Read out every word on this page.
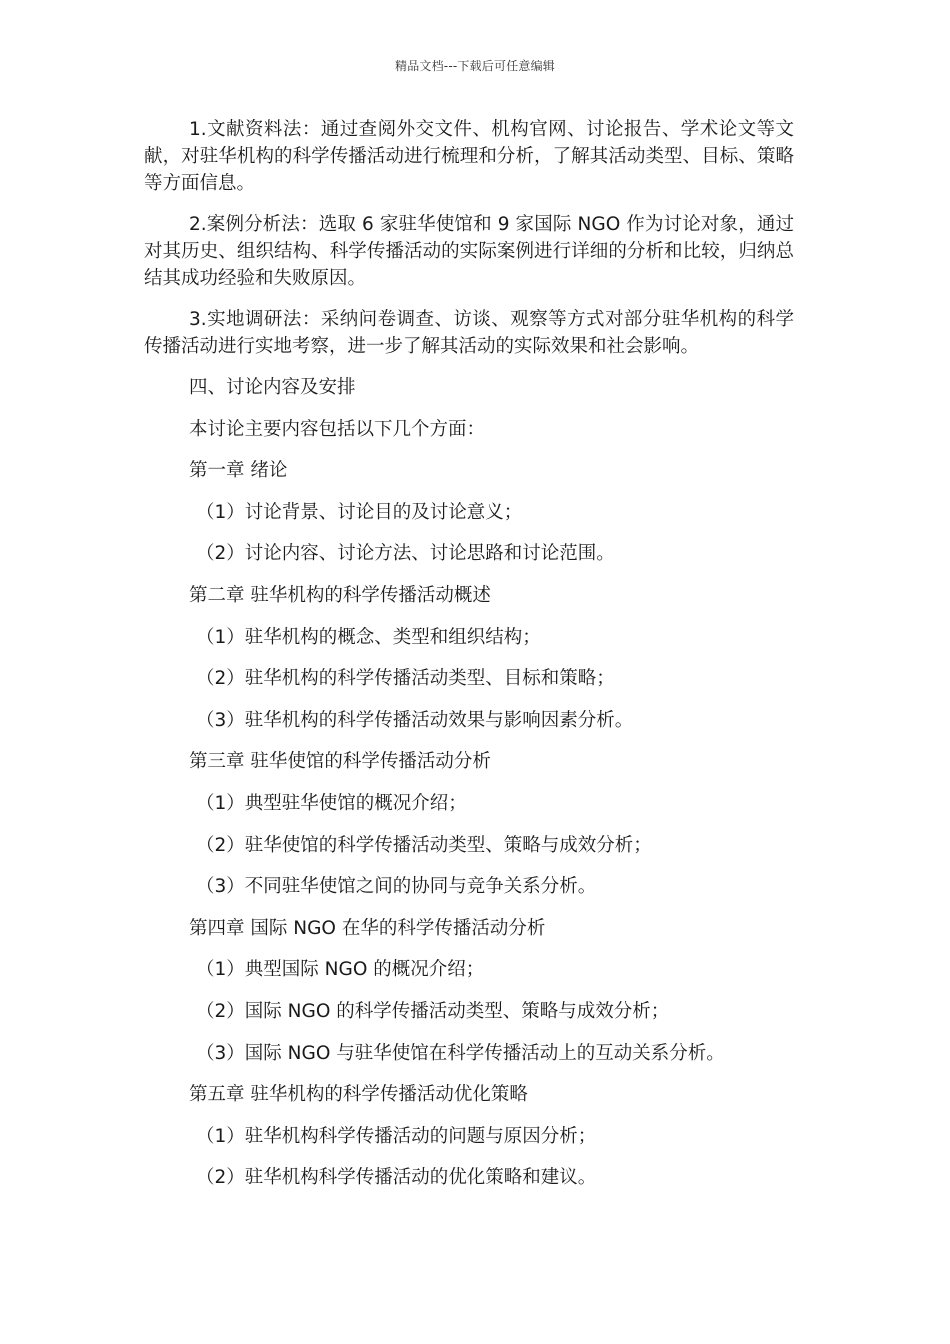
精品文档---下载后可任意编辑

1.文献资料法：通过查阅外交文件、机构官网、讨论报告、学术论文等文献，对驻华机构的科学传播活动进行梳理和分析，了解其活动类型、目标、策略等方面信息。

2.案例分析法：选取 6 家驻华使馆和 9 家国际 NGO 作为讨论对象，通过对其历史、组织结构、科学传播活动的实际案例进行详细的分析和比较，归纳总结其成功经验和失败原因。

3.实地调研法：采纳问卷调查、访谈、观察等方式对部分驻华机构的科学传播活动进行实地考察，进一步了解其活动的实际效果和社会影响。

四、讨论内容及安排
本讨论主要内容包括以下几个方面：
第一章 绪论
（1）讨论背景、讨论目的及讨论意义；
（2）讨论内容、讨论方法、讨论思路和讨论范围。
第二章 驻华机构的科学传播活动概述
（1）驻华机构的概念、类型和组织结构；
（2）驻华机构的科学传播活动类型、目标和策略；
（3）驻华机构的科学传播活动效果与影响因素分析。
第三章 驻华使馆的科学传播活动分析
（1）典型驻华使馆的概况介绍；
（2）驻华使馆的科学传播活动类型、策略与成效分析；
（3）不同驻华使馆之间的协同与竞争关系分析。
第四章 国际 NGO 在华的科学传播活动分析
（1）典型国际 NGO 的概况介绍；
（2）国际 NGO 的科学传播活动类型、策略与成效分析；
（3）国际 NGO 与驻华使馆在科学传播活动上的互动关系分析。
第五章 驻华机构的科学传播活动优化策略
（1）驻华机构科学传播活动的问题与原因分析；
（2）驻华机构科学传播活动的优化策略和建议。
